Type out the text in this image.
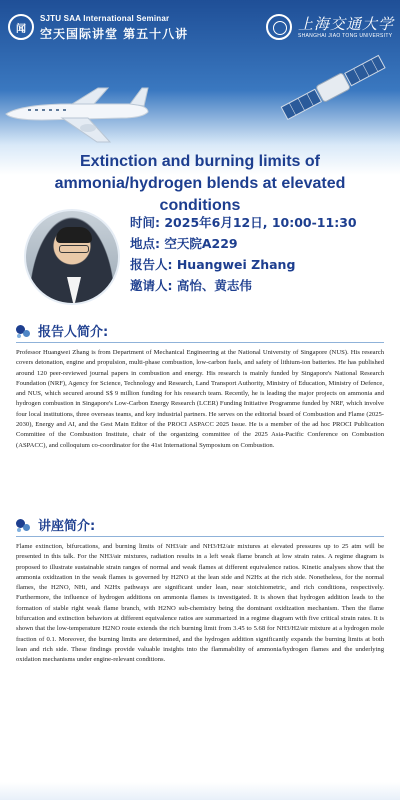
闻
SJTU SAA International Seminar
空天国际讲堂 第五十八讲
上海交通大学
SHANGHAI JIAO TONG UNIVERSITY
Extinction and burning limits of ammonia/hydrogen blends at elevated conditions
时间: 2025年6月12日, 10:00-11:30
地点: 空天院A229
报告人: Huangwei Zhang
邀请人: 高怡、黄志伟
报告人简介:
Professor Huangwei Zhang is from Department of Mechanical Engineering at the National University of Singapore (NUS). His research covers detonation, engine and propulsion, multi-phase combustion, low-carbon fuels, and safety of lithium-ion batteries. He has published around 120 peer-reviewed journal papers in combustion and energy. His research is mainly funded by Singapore's National Research Foundation (NRF), Agency for Science, Technology and Research, Land Transport Authority, Ministry of Education, Ministry of Defence, and NUS, which secured around S$ 9 million funding for his research team. Recently, he is leading the major projects on ammonia and hydrogen combustion in Singapore's Low-Carbon Energy Research (LCER) Funding Initiative Programme funded by NRF, which involve four local institutions, three overseas teams, and key industrial partners. He serves on the editorial board of Combustion and Flame (2025-2030), Energy and AI, and the Gest Main Editor of the PROCI ASPACC 2025 Issue. He is a member of the ad hoc PROCI Publication Committee of the Combustion Institute, chair of the organizing committee of the 2025 Asia-Pacific Conference on Combustion (ASPACC), and colloquium co-coordinator for the 41st International Symposium on Combustion.
讲座简介:
Flame extinction, bifurcations, and burning limits of NH3/air and NH3/H2/air mixtures at elevated pressures up to 25 atm will be presented in this talk. For the NH3/air mixtures, radiation results in a left weak flame branch at low strain rates. A regime diagram is proposed to illustrate sustainable strain ranges of normal and weak flames at different equivalence ratios. Kinetic analyses show that the ammonia oxidization in the weak flames is governed by H2NO at the lean side and N2Hx at the rich side. Nonetheless, for the normal flames, the H2NO, NHi, and N2Hx pathways are significant under lean, near stoichiometric, and rich conditions, respectively. Furthermore, the influence of hydrogen additions on ammonia flames is investigated. It is shown that hydrogen addition leads to the formation of stable right weak flame branch, with H2NO sub-chemistry being the dominant oxidization mechanism. Then the flame bifurcation and extinction behaviors at different equivalence ratios are summarized in a regime diagram with five critical strain rates. It is shown that the low-temperature H2NO route extends the rich burning limit from 3.45 to 5.68 for NH3/H2/air mixture at a hydrogen mole fraction of 0.1. Moreover, the burning limits are determined, and the hydrogen addition significantly expands the burning limits at both lean and rich side. These findings provide valuable insights into the flammability of ammonia/hydrogen flames and the underlying oxidation mechanisms under engine-relevant conditions.
